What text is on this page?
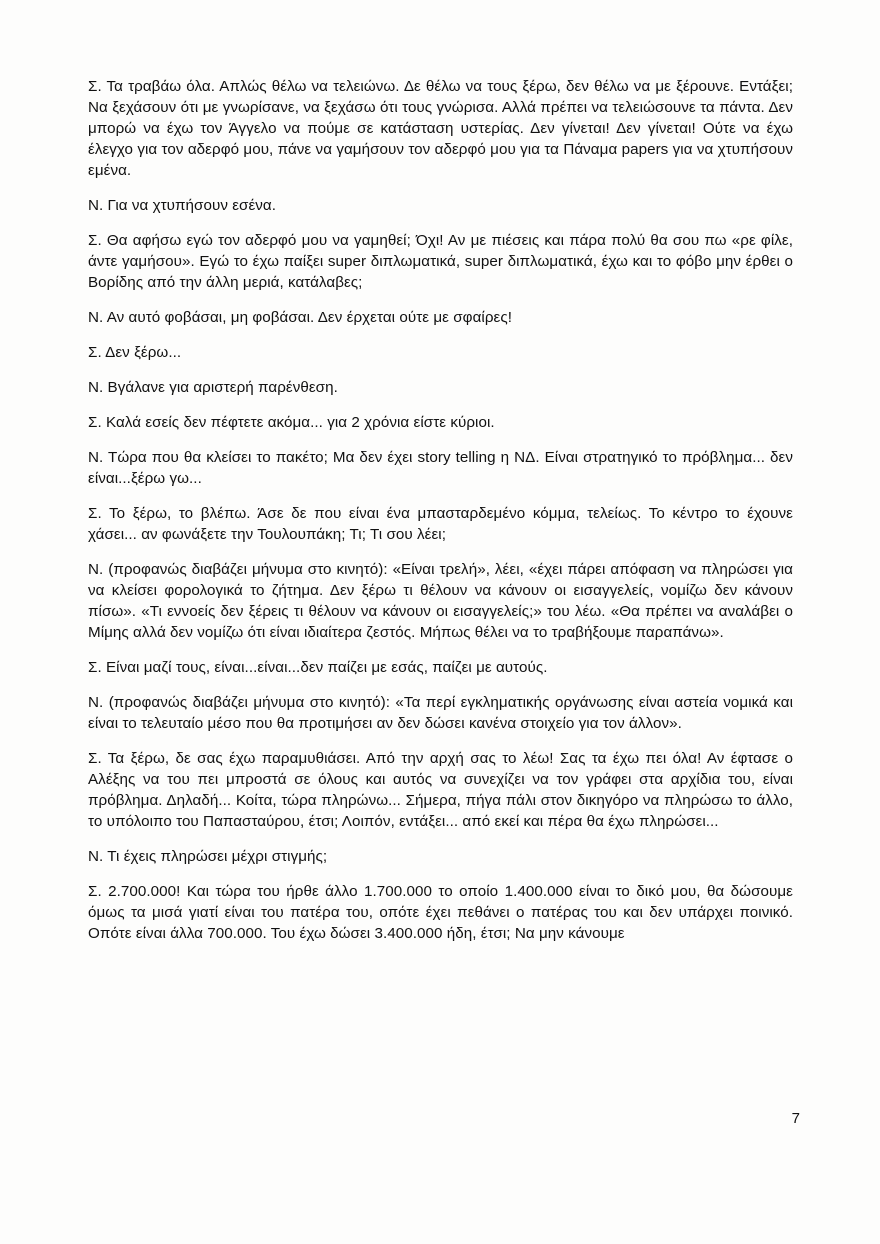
Σ. Τα τραβάω όλα. Απλώς θέλω να τελειώνω. Δε θέλω να τους ξέρω, δεν θέλω να με ξέρουνε. Εντάξει; Να ξεχάσουν ότι με γνωρίσανε, να ξεχάσω ότι τους γνώρισα. Αλλά πρέπει να τελειώσουνε τα πάντα. Δεν μπορώ να έχω τον Άγγελο να πούμε σε κατάσταση υστερίας. Δεν γίνεται! Δεν γίνεται! Ούτε να έχω έλεγχο για τον αδερφό μου, πάνε να γαμήσουν τον αδερφό μου για τα Πάναμα papers για να χτυπήσουν εμένα.

Ν. Για να χτυπήσουν εσένα.

Σ. Θα αφήσω εγώ τον αδερφό μου να γαμηθεί; Όχι! Αν με πιέσεις και πάρα πολύ θα σου πω «ρε φίλε, άντε γαμήσου». Εγώ το έχω παίξει super διπλωματικά, super διπλωματικά, έχω και το φόβο μην έρθει ο Βορίδης από την άλλη μεριά, κατάλαβες;

Ν. Αν αυτό φοβάσαι, μη φοβάσαι. Δεν έρχεται ούτε με σφαίρες!

Σ. Δεν ξέρω...

Ν. Βγάλανε για αριστερή παρένθεση.

Σ. Καλά εσείς δεν πέφτετε ακόμα... για 2 χρόνια είστε κύριοι.

Ν. Τώρα που θα κλείσει το πακέτο; Μα δεν έχει story telling η ΝΔ. Είναι στρατηγικό το πρόβλημα... δεν είναι...ξέρω γω...

Σ. Το ξέρω, το βλέπω. Άσε δε που είναι ένα μπασταρδεμένο κόμμα, τελείως. Το κέντρο το έχουνε χάσει... αν φωνάξετε την Τουλουπάκη; Τι; Τι σου λέει;

Ν. (προφανώς διαβάζει μήνυμα στο κινητό): «Είναι τρελή», λέει, «έχει πάρει απόφαση να πληρώσει για να κλείσει φορολογικά το ζήτημα. Δεν ξέρω τι θέλουν να κάνουν οι εισαγγελείς, νομίζω δεν κάνουν πίσω». «Τι εννοείς δεν ξέρεις τι θέλουν να κάνουν οι εισαγγελείς;» του λέω. «Θα πρέπει να αναλάβει ο Μίμης αλλά δεν νομίζω ότι είναι ιδιαίτερα ζεστός. Μήπως θέλει να το τραβήξουμε παραπάνω».

Σ. Είναι μαζί τους, είναι...είναι...δεν παίζει με εσάς, παίζει με αυτούς.

Ν. (προφανώς διαβάζει μήνυμα στο κινητό): «Τα περί εγκληματικής οργάνωσης είναι αστεία νομικά και είναι το τελευταίο μέσο που θα προτιμήσει αν δεν δώσει κανένα στοιχείο για τον άλλον».

Σ. Τα ξέρω, δε σας έχω παραμυθιάσει. Από την αρχή σας το λέω! Σας τα έχω πει όλα! Αν έφτασε ο Αλέξης να του πει μπροστά σε όλους και αυτός να συνεχίζει να τον γράφει στα αρχίδια του, είναι πρόβλημα. Δηλαδή... Κοίτα, τώρα πληρώνω... Σήμερα, πήγα πάλι στον δικηγόρο να πληρώσω το άλλο, το υπόλοιπο του Παπασταύρου, έτσι; Λοιπόν, εντάξει... από εκεί και πέρα θα έχω πληρώσει...

Ν. Τι έχεις πληρώσει μέχρι στιγμής;

Σ. 2.700.000! Και τώρα του ήρθε άλλο 1.700.000 το οποίο 1.400.000 είναι το δικό μου, θα δώσουμε όμως τα μισά γιατί είναι του πατέρα του, οπότε έχει πεθάνει ο πατέρας του και δεν υπάρχει ποινικό. Οπότε είναι άλλα 700.000. Του έχω δώσει 3.400.000 ήδη, έτσι; Να μην κάνουμε

7
